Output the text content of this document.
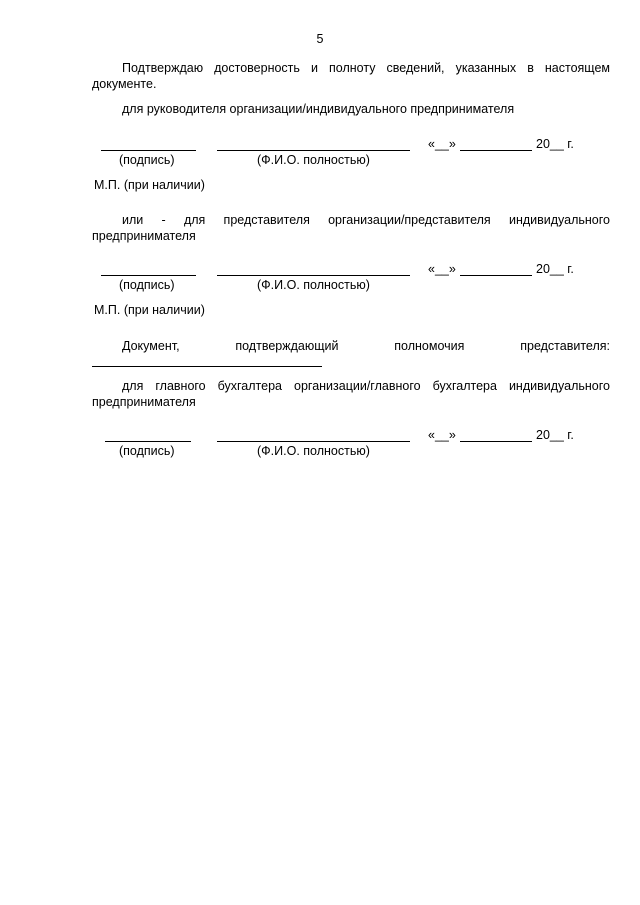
5
Подтверждаю достоверность и полноту сведений, указанных в настоящем
документе.
для руководителя организации/индивидуального предпринимателя
«__»	20__ г.
(подпись)	(Ф.И.О. полностью)
М.П. (при наличии)
или - для представителя организации/представителя индивидуального
предпринимателя
«__»	20__ г.
(подпись)	(Ф.И.О. полностью)
М.П. (при наличии)
Документ, подтверждающий полномочия представителя:
для главного бухгалтера организации/главного бухгалтера индивидуального
предпринимателя
«__»	20__ г.
(подпись)	(Ф.И.О. полностью)
